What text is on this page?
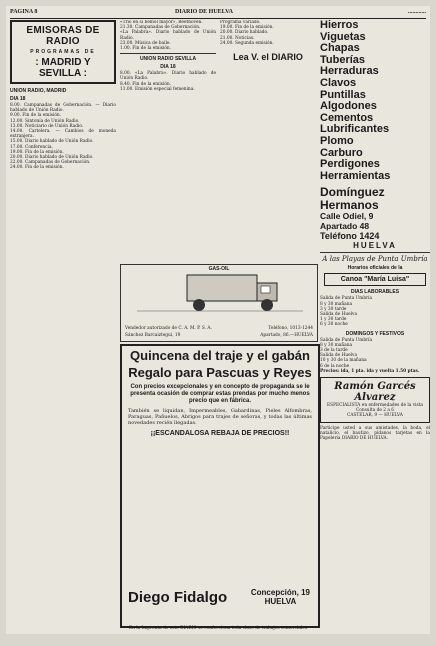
PAGINA 8	DIARIO DE HUELVA	............
EMISORAS DE RADIO
PROGRAMAS DE
: MADRID Y SEVILLA :
UNION RADIO, MADRID
DIA 18

8.00. Campanadas de Gobernación. — Diario hablado de Unión Radio.

9.00. Fin de la emisión.

12.00. Sintonía de Unión Radio.

13.00. Noticiario de Unión Radio.

14.00. Cartelera. — Cambios de moneda extranjera.

15.00. Diario hablado de Unión Radio.

17.00. Conferencia.

19.00. Fin de la emisión.

20.00. Diario hablado de Unión Radio.

22.00. Campanadas de Gobernación.

24.00. Fin de la emisión.

«Trío en si bemol mayor», Beethoven.

21.30. Campanadas de Gobernación.

«La Palabra». Diario hablado de Unión Radio.

23.00. Música de baile.

1.00. Fin de la emisión.

UNION RADIO SEVILLA
DIA 18

8.00. «La Palabra». Diario hablado de Unión Radio.

8.40. Fin de la emisión.

11.00. Emisión especial femenina.

Programa variado.

19.00. Fin de la emisión.

20.00. Diario hablado.

21.00. Noticias.

24.00. Segunda emisión.

Lea V. el DIARIO
GAS-OIL
Vendedor autorizado de C. A. M. P. S. A.	Teléfono, 1013-1244
Sánchez Barcaiztegui, 19	Apartado, 86.—HUELVA

Quincena del traje y el gabán

Regalo para Pascuas y Reyes

Con precios excepcionales y en concepto de propaganda se le presenta ocasión de comprar estas prendas por mucho menos precio que en fábrica.

También se liquidan, Impermeables, Gabardinas, Pieles Alfombras, Paraguas, Pañuelos, Abrigos para trajes de señoras, y todas las últimas novedades recién llegadas.

¡¡ESCANDALOSA REBAJA DE PRECIOS!!

Diego Fidalgo	Concepción, 19
HUELVA
En la Imprenta de este DIARIO se confecciona toda clase de trabajos comerciales

Hierros

Viguetas

Chapas

Tuberías

Herraduras

Clavos

Puntillas

Algodones

Cementos

Lubrificantes

Plomo

Carburo

Perdigones

Herramientas

Domínguez Hermanos

Calle Odiel, 9

Apartado 48

Teléfono 1424
HUELVA

A las Playas de Punta Umbría

Horarios oficiales de la
Canoa "María Luisa"
DIAS LABORABLES

Salida de Punta Umbría

8 y 30 mañana

3 y 30 tarde

Salida de Huelva

1 y 30 tarde

6 y 30 noche

DOMINGOS Y FESTIVOS

Salida de Punta Umbría

8 y 30 mañana

3 de la tarde

Salida de Huelva

10 y 30 de la mañana

6 de la noche

Precios: ida, 1 pta. ida y vuelta 1.50 ptas.

Ramón Garcés

Alvarez

ESPECIALISTA en enfermedades de la vista

Consulta de 2 a 6

CASTELAR, 9 — HUELVA

Participe usted a sus amistades, la boda, el natalicio, el bautizo, pídanos tarjetas en la Papelería DIARIO DE HUELVA.
